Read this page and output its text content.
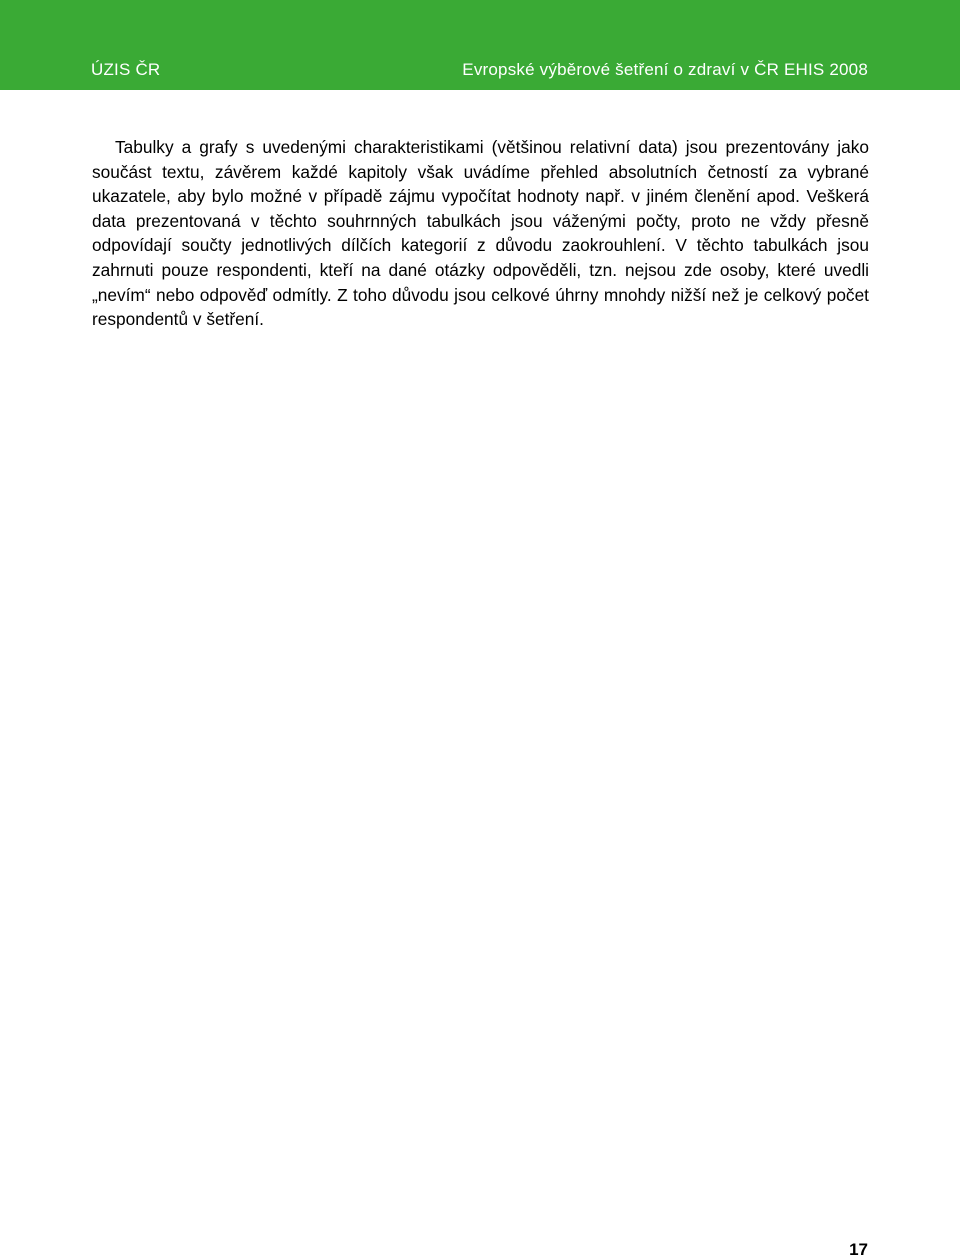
ÚZIS ČR	Evropské výběrové šetření o zdraví v ČR EHIS 2008

Tabulky a grafy s uvedenými charakteristikami (většinou relativní data) jsou prezentovány jako součást textu, závěrem každé kapitoly však uvádíme přehled absolutních četností za vybrané ukazatele, aby bylo možné v případě zájmu vypočítat hodnoty např. v jiném členění apod. Veškerá data prezentovaná v těchto souhrnných tabulkách jsou váženými počty, proto ne vždy přesně odpovídají součty jednotlivých dílčích kategorií z důvodu zaokrouhlení. V těchto tabulkách jsou zahrnuti pouze respondenti, kteří na dané otázky odpověděli, tzn. nejsou zde osoby, které uvedli „nevím“ nebo odpověď odmítly. Z toho důvodu jsou celkové úhrny mnohdy nižší než je celkový počet respondentů v šetření.

17
